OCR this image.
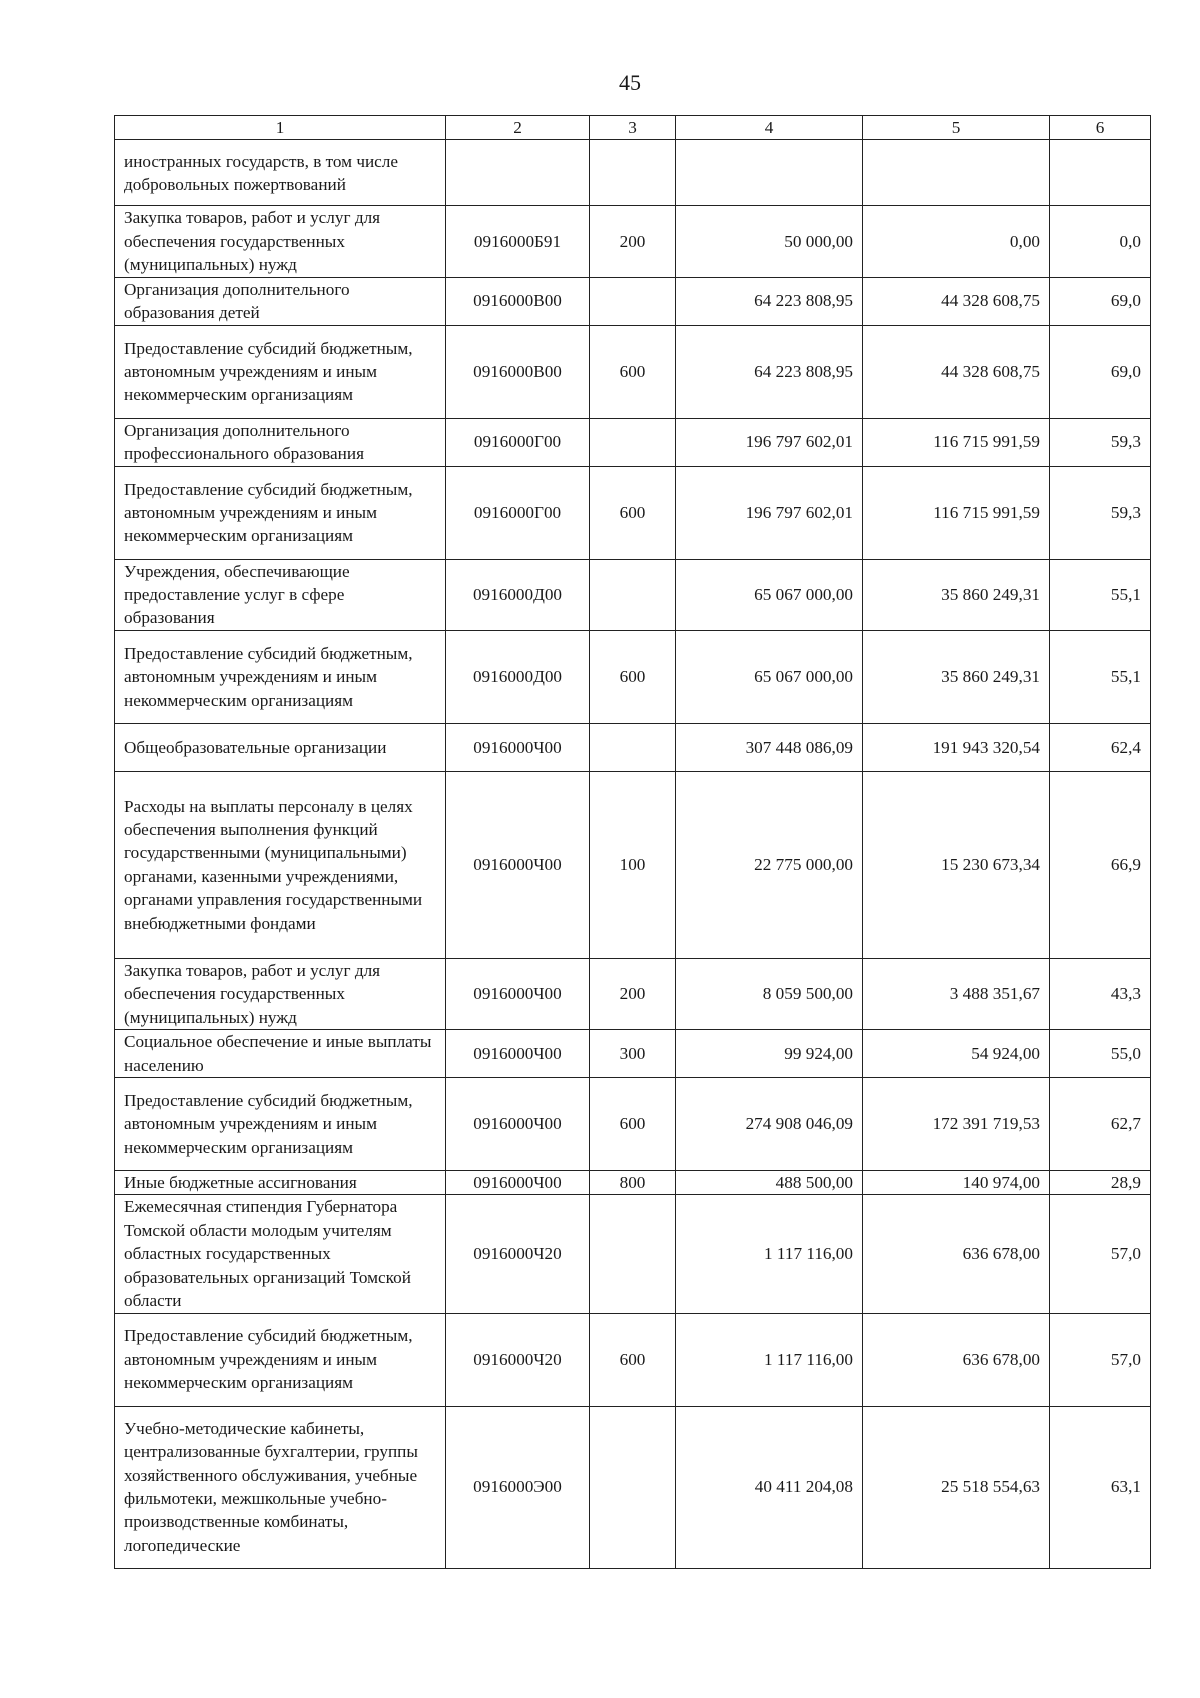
45
1	2	3	4	5	6
иностранных государств, в том числе добровольных пожертвований					
Закупка товаров, работ и услуг для обеспечения государственных (муниципальных) нужд	0916000Б91	200	50 000,00	0,00	0,0
Организация дополнительного образования детей	0916000В00		64 223 808,95	44 328 608,75	69,0
Предоставление субсидий бюджетным, автономным учреждениям и иным некоммерческим организациям	0916000В00	600	64 223 808,95	44 328 608,75	69,0
Организация дополнительного профессионального образования	0916000Г00		196 797 602,01	116 715 991,59	59,3
Предоставление субсидий бюджетным, автономным учреждениям и иным некоммерческим организациям	0916000Г00	600	196 797 602,01	116 715 991,59	59,3
Учреждения, обеспечивающие предоставление услуг в сфере образования	0916000Д00		65 067 000,00	35 860 249,31	55,1
Предоставление субсидий бюджетным, автономным учреждениям и иным некоммерческим организациям	0916000Д00	600	65 067 000,00	35 860 249,31	55,1
Общеобразовательные организации	0916000Ч00		307 448 086,09	191 943 320,54	62,4
Расходы на выплаты персоналу в целях обеспечения выполнения функций государственными (муниципальными) органами, казенными учреждениями, органами управления государственными внебюджетными фондами	0916000Ч00	100	22 775 000,00	15 230 673,34	66,9
Закупка товаров, работ и услуг для обеспечения государственных (муниципальных) нужд	0916000Ч00	200	8 059 500,00	3 488 351,67	43,3
Социальное обеспечение и иные выплаты населению	0916000Ч00	300	99 924,00	54 924,00	55,0
Предоставление субсидий бюджетным, автономным учреждениям и иным некоммерческим организациям	0916000Ч00	600	274 908 046,09	172 391 719,53	62,7
Иные бюджетные ассигнования	0916000Ч00	800	488 500,00	140 974,00	28,9
Ежемесячная стипендия Губернатора Томской области молодым учителям областных государственных образовательных организаций Томской области	0916000Ч20		1 117 116,00	636 678,00	57,0
Предоставление субсидий бюджетным, автономным учреждениям и иным некоммерческим организациям	0916000Ч20	600	1 117 116,00	636 678,00	57,0
Учебно-методические кабинеты, централизованные бухгалтерии, группы хозяйственного обслуживания, учебные фильмотеки, межшкольные учебно-производственные комбинаты, логопедические	0916000Э00		40 411 204,08	25 518 554,63	63,1
